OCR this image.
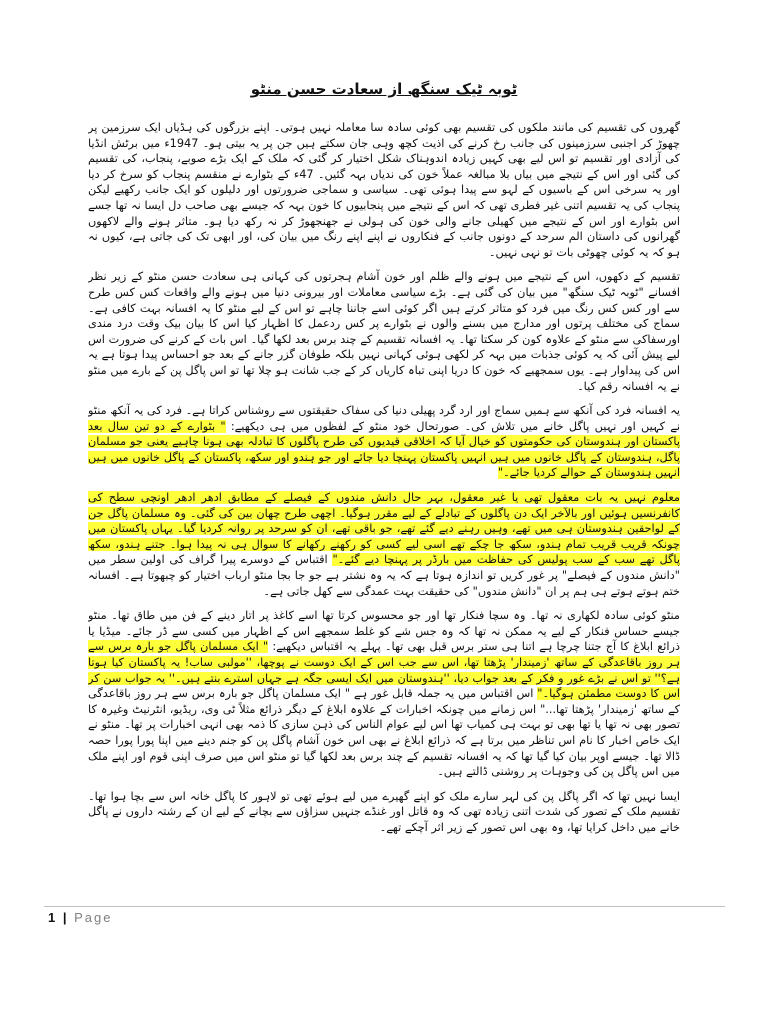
ٹوبہ ٹیک سنگھ از سعادت حسن منٹو

گھروں کی تقسیم کی مانند ملکوں کی تقسیم بھی کوئی سادہ سا معاملہ نہیں ہوتی۔ اپنے بزرگوں کی ہڈیاں ایک سرزمین پر چھوڑ کر اجنبی سرزمینوں کی جانب رخ کرنے کی اذیت کچھ وہی جان سکتے ہیں جن پر یہ بیتی ہو۔ 1947ء میں برٹش انڈیا کی آزادی اور تقسیم تو اس لیے بھی کہیں زیادہ اندوہناک شکل اختیار کر گئی کہ ملک کے ایک بڑے صوبے، پنجاب، کی تقسیم کی گئی اور اس کے نتیجے میں بیاں بلا مبالغہ عملاً خون کی ندیاں بہہ گئیں۔ 47ء کے بٹوارے نے منقسم پنجاب کو سرخ کر دیا اور یہ سرخی اس کے باسیوں کے لہو سے پیدا ہوئی تھی۔ سیاسی و سماجی ضرورتوں اور دلیلوں کو ایک جانب رکھیے لیکن پنجاب کی یہ تقسیم اتنی غیر فطری تھی کہ اس کے نتیجے میں پنجابیوں کا خون بہہ کہ جیسے بھی صاحب دل ایسا نہ تھا جسے اس بٹوارے اور اس کے نتیجے میں کھیلی جانے والی خون کی ہولی نے جھنجھوڑ کر نہ رکھ دیا ہو۔ متاثر ہونے والے لاکھوں گھرانوں کی داستان الم سرحد کے دونوں جانب کے فنکاروں نے اپنے اپنے رنگ میں بیان کی، اور ابھی تک کی جاتی ہے، کیوں نہ ہو کہ یہ کوئی چھوٹی بات تو نہی نہیں۔

تقسیم کے دکھوں، اس کے نتیجے میں ہونے والے ظلم اور خون آشام ہجرتوں کی کہانی ہی سعادت حسن منٹو کے زیر نظر افسانے "ٹوبہ ٹیک سنگھ" میں بیان کی گئی ہے۔ بڑے سیاسی معاملات اور بیرونی دنیا میں ہونے والے واقعات کس کس طرح سے اور کس کس رنگ میں فرد کو متاثر کرتے ہیں اگر کوئی اسے جاننا چاہے تو اس کے لیے منٹو کا یہ افسانہ بہت کافی ہے۔ سماج کی مختلف پرتوں اور مدارج میں بسنے والوں نے بٹوارے پر کس ردعمل کا اظہار کیا اس کا بیان بیک وقت درد مندی اورسفاکی سے منٹو کے علاوہ کون کر سکتا تھا۔ یہ افسانہ تقسیم کے چند برس بعد لکھا گیا۔ اس بات کے کرنے کی ضرورت اس لیے پیش آئی کہ یہ کوئی جذبات میں بہہ کر لکھی ہوئی کہانی نہیں بلکہ طوفان گزر جانے کے بعد جو احساس پیدا ہوتا ہے یہ اس کی پیداوار ہے۔ یوں سمجھیے کہ خون کا دریا اپنی تباہ کاریاں کر کے جب شانت ہو چلا تھا تو اس پاگل پن کے بارے میں منٹو نے یہ افسانہ رقم کیا۔

یہ افسانہ فرد کی آنکھ سے ہمیں سماج اور ارد گرد پھیلی دنیا کی سفاک حقیقتوں سے روشناس کراتا ہے۔ فرد کی یہ آنکھ منٹو نے کہیں اور نہیں پاگل خانے میں تلاش کی۔ صورتحال خود منٹو کے لفظوں میں ہی دیکھیے: " بٹوارے کے دو تین سال بعد پاکستان اور ہندوستان کی حکومتوں کو خیال آیا کہ اخلاقی قیدیوں کی طرح پاگلوں کا تبادلہ بھی ہونا چاہیے یعنی جو مسلمان پاگل، ہندوستان کے پاگل خانوں میں ہیں انہیں پاکستان پہنچا دیا جائے اور جو ہندو اور سکھ، پاکستان کے پاگل خانوں میں ہیں انہیں ہندوستان کے حوالے کردیا جائے۔"

معلوم نہیں یہ بات معقول تھی یا غیر معقول، بہر حال دانش مندوں کے فیصلے کے مطابق ادھر ادھر اونچی سطح کی کانفرنسیں ہوئیں اور بالآخر ایک دن پاگلوں کے تبادلے کے لیے مقرر ہوگیا۔ اچھی طرح چھان بین کی گئی۔ وہ مسلمان پاگل جن کے لواحقین ہندوستان ہی میں تھے، وہیں رہنے دیے گئے تھے، جو باقی تھے، ان کو سرحد پر روانہ کردیا گیا۔ یہاں پاکستان میں چونکہ قریب قریب تمام ہندو، سکھ جا چکے تھے اسی لیے کسی کو رکھنے رکھانے کا سوال ہی نہ پیدا ہوا۔ جتنے ہندو، سکھ پاگل تھے سب کے سب پولیس کی حفاظت میں بارڈر پر پہنچا دیے گئے۔" اقتباس کے دوسرے پیرا گراف کی اولین سطر میں "دانش مندوں کے فیصلے" پر غور کریں تو اندازہ ہوتا ہے کہ یہ وہ نشتر ہے جو جا بجا منٹو ارباب اختیار کو چبھوتا ہے۔ افسانہ ختم ہوتے ہوتے ہی ہم پر ان "دانش مندوں" کی حقیقت بہت عمدگی سے کھل جاتی ہے۔

منٹو کوئی سادہ لکھاری نہ تھا۔ وہ سچا فنکار تھا اور جو محسوس کرتا تھا اسے کاغذ پر اتار دینے کے فن میں طاق تھا۔ منٹو جیسے حساس فنکار کے لیے یہ ممکن نہ تھا کہ وہ جس شے کو غلط سمجھے اس کے اظہار میں کسی سے ڈر جائے۔ میڈیا یا ذرائع ابلاغ کا آج جتنا چرچا ہے اتنا ہی ستر برس قبل بھی تھا۔ پہلے یہ اقتباس دیکھیے: " ایک مسلمان پاگل جو بارہ برس سے ہر روز باقاعدگی کے ساتھ 'زمیندار' پڑھتا تھا، اس سے جب اس کے ایک دوست نے پوچھا، ''مولبی ساب! یہ پاکستان کیا ہوتا ہے؟'' تو اس نے بڑے غور و فکر کے بعد جواب دیا، ''ہندوستان میں ایک ایسی جگہ ہے جہاں استرے بنتے ہیں۔'' یہ جواب سن کر اس کا دوست مطمئن ہوگیا۔" اس اقتباس میں یہ جملہ قابل غور ہے " ایک مسلمان پاگل جو بارہ برس سے ہر روز باقاعدگی کے ساتھ 'زمیندار' پڑھتا تھا..." اس زمانے میں چونکہ اخبارات کے علاوہ ابلاغ کے دیگر ذرائع مثلاً ٹی وی، ریڈیو، انٹرنیٹ وغیرہ کا تصور بھی نہ تھا یا تھا بھی تو بہت ہی کمیاب تھا اس لیے عوام الناس کی ذہن سازی کا ذمہ بھی انہی اخبارات پر تھا۔ منٹو نے ایک خاص اخبار کا نام اس تناظر میں برتا ہے کہ ذرائع ابلاغ نے بھی اس خون آشام پاگل پن کو جنم دینے میں اپنا پورا پورا حصہ ڈالا تھا۔ جیسے اوپر بیان کیا گیا تھا کہ یہ افسانہ تقسیم کے چند برس بعد لکھا گیا تو منٹو اس میں صرف اپنی قوم اور اپنے ملک میں اس پاگل پن کی وجوہات پر روشنی ڈالتے ہیں۔

ایسا نہیں تھا کہ اگر پاگل پن کی لہر سارے ملک کو اپنے گھیرے میں لیے ہوئے تھی تو لاہور کا پاگل خانہ اس سے بچا ہوا تھا۔ تقسیم ملک کے تصور کی شدت اتنی زیادہ تھی کہ وہ قاتل اور غنڈے جنہیں سزاؤں سے بچانے کے لیے ان کے رشتہ داروں نے پاگل خانے میں داخل کرایا تھا، وہ بھی اس تصور کے زیر اثر آچکے تھے۔

1 | Page
